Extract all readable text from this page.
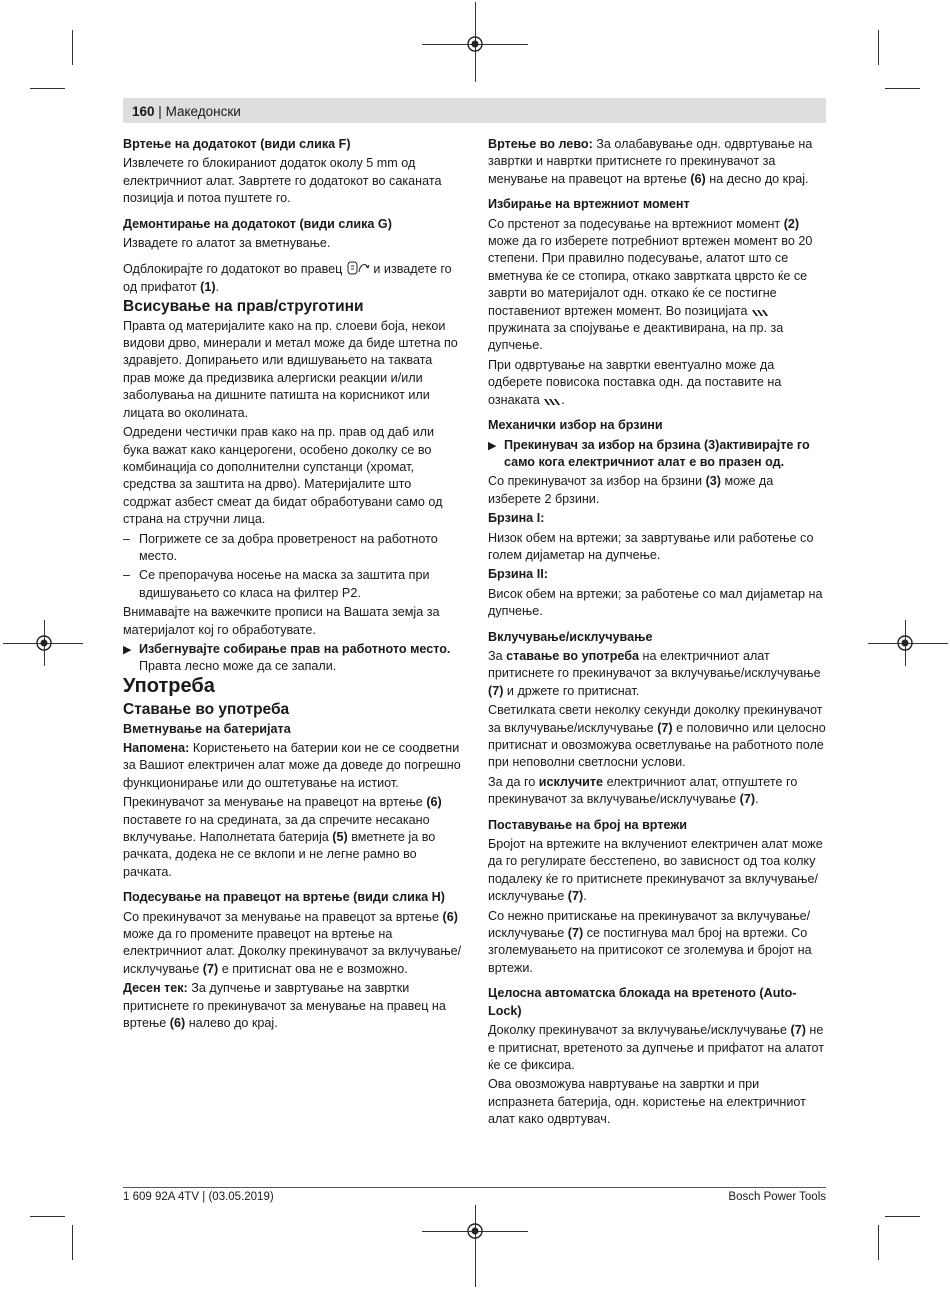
160 | Македонски

Вртење на додатокот (види слика F)

Извлечете го блокираниот додаток околу 5 mm од електричниот алат. Завртете го додатокот во саканата позиција и потоа пуштете го.

Демонтирање на додатокот (види слика G)

Извадете го алатот за вметнување.

Одблокирајте го додатокот во правец и извадете го од прифатот (1).

Всисување на прав/струготини

Правта од материјалите како на пр. слоеви боја, некои видови дрво, минерали и метал може да биде штетна по здравјето. Допирањето или вдишувањето на таквата прав може да предизвика алергиски реакции и/или заболувања на дишните патишта на корисникот или лицата во околината.

Одредени честички прав како на пр. прав од даб или бука важат како канцерогени, особено доколку се во комбинација со дополнителни супстанци (хромат, средства за заштита на дрво). Материјалите што содржат азбест смеат да бидат обработувани само од страна на стручни лица.

– Погрижете се за добра проветреност на работното место.
– Се препорачува носење на маска за заштита при вдишувањето со класа на филтер P2.

Внимавајте на важечките прописи на Вашата земја за материјалот кој го обработувате.

▶ Избегнувајте собирање прав на работното место. Правта лесно може да се запали.

Употреба

Ставање во употреба

Вметнување на батеријата

Напомена: Користењето на батерии кои не се соодветни за Вашиот електричен алат може да доведе до погрешно функционирање или до оштетување на истиот.

Прекинувачот за менување на правецот на вртење (6) поставете го на средината, за да спречите несакано вклучување. Наполнетата батерија (5) вметнете ја во рачката, додека не се вклопи и не легне рамно во рачката.

Подесување на правецот на вртење (види слика H)

Со прекинувачот за менување на правецот за вртење (6) може да го промените правецот на вртење на електричниот алат. Доколку прекинувачот за вклучување/исклучување (7) е притиснат ова не е возможно.

Десен тек: За дупчење и завртување на завртки притиснете го прекинувачот за менување на правец на вртење (6) налево до крај.

Вртење во лево: За олабавување одн. одвртување на завртки и навртки притиснете го прекинувачот за менување на правецот на вртење (6) на десно до крај.

Избирање на вртежниот момент

Со прстенот за подесување на вртежниот момент (2) може да го изберете потребниот вртежен момент во 20 степени. При правилно подесување, алатот што се вметнува ќе се стопира, откако завртката цврсто ќе се заврти во материјалот одн. откако ќе се постигне поставениот вртежен момент. Во позицијата  пружината за спојување е деактивирана, на пр. за дупчење.

При одвртување на завртки евентуално може да одберете повисока поставка одн. да поставите на ознаката .

Механички избор на брзини

▶ Прекинувач за избор на брзина (3)активирајте го само кога електричниот алат е во празен од.

Со прекинувачот за избор на брзини (3) може да изберете 2 брзини.

Брзина I:

Низок обем на вртежи; за завртување или работење со голем дијаметар на дупчење.

Брзина II:

Висок обем на вртежи; за работење со мал дијаметар на дупчење.

Вклучување/исклучување

За ставање во употреба на електричниот алат притиснете го прекинувачот за вклучување/исклучување (7) и држете го притиснат.

Светилката свети неколку секунди доколку прекинувачот за вклучување/исклучување (7) е половично или целосно притиснат и овозможува осветлување на работното поле при неповолни светлосни услови.

За да го исклучите електричниот алат, отпуштете го прекинувачот за вклучување/исклучување (7).

Поставување на број на вртежи

Бројот на вртежите на вклучениот електричен алат може да го регулирате бесстепено, во зависност од тоа колку подалеку ќе го притиснете прекинувачот за вклучување/исклучување (7).

Со нежно притискање на прекинувачот за вклучување/исклучување (7) се постигнува мал број на вртежи. Со зголемувањето на притисокот се зголемува и бројот на вртежи.

Целосна автоматска блокада на вретеното (Auto-Lock)

Доколку прекинувачот за вклучување/исклучување (7) не е притиснат, вретеното за дупчење и прифатот на алатот ќе се фиксира.

Ова овозможува навртување на завртки и при испразнета батерија, одн. користење на електричниот алат како одвртувач.

1 609 92A 4TV | (03.05.2019)	Bosch Power Tools
